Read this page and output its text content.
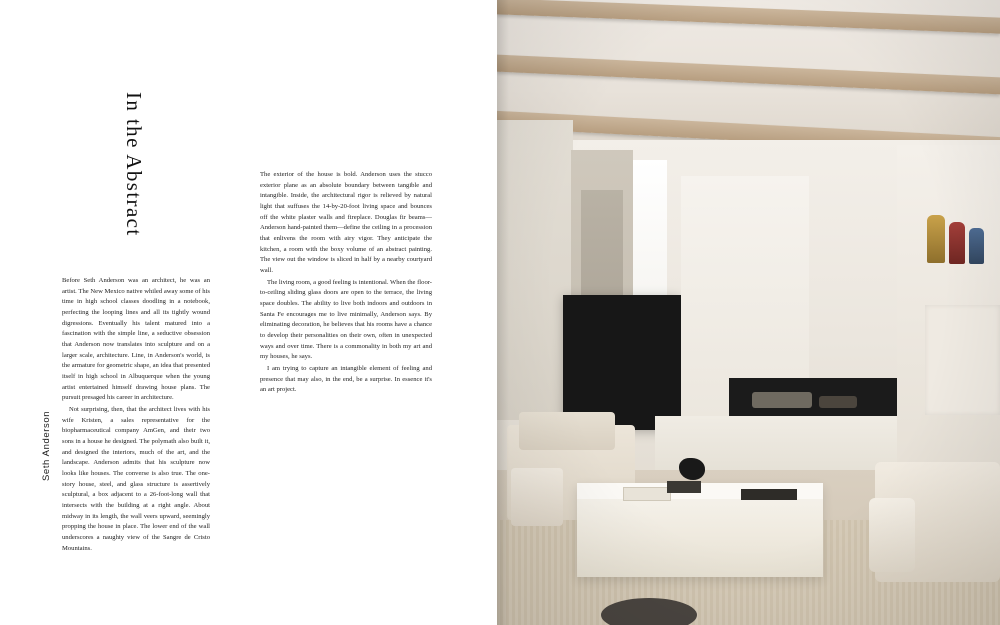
Seth Anderson
In the Abstract

Before Seth Anderson was an architect, he was an artist. The New Mexico native whiled away some of his time in high school classes doodling in a notebook, perfecting the looping lines and all its tightly wound digressions. Eventually his talent matured into a fascination with the simple line, a seductive obsession that Anderson now translates into sculpture and on a larger scale, architecture. Line, in Anderson's world, is the armature for geometric shape, an idea that presented itself in high school in Albuquerque when the young artist entertained himself drawing house plans. The pursuit presaged his career in architecture.

Not surprising, then, that the architect lives with his wife Kristen, a sales representative for the biopharmaceutical company AmGen, and their two sons in a house he designed. The polymath also built it, and designed the interiors, much of the art, and the landscape. Anderson admits that his sculpture now looks like houses. The converse is also true. The one-story house, steel, and glass structure is assertively sculptural, a box adjacent to a 26-foot-long wall that intersects with the building at a right angle. About midway in its length, the wall veers upward, seemingly propping the house in place. The lower end of the wall underscores a naughty view of the Sangre de Cristo Mountains.

The exterior of the house is bold. Anderson uses the stucco exterior plane as an absolute boundary between tangible and intangible. Inside, the architectural rigor is relieved by natural light that suffuses the 14-by-20-foot living space and bounces off the white plaster walls and fireplace. Douglas fir beams—Anderson hand-painted them—define the ceiling in a procession that enlivens the room with airy vigor. They anticipate the kitchen, a room with the boxy volume of an abstract painting. The view out the window is sliced in half by a nearby courtyard wall.

The living room, a good feeling is intentional. When the floor-to-ceiling sliding glass doors are open to the terrace, the living space doubles. The ability to live both indoors and outdoors in Santa Fe encourages me to live minimally, Anderson says. By eliminating decoration, he believes that his rooms have a chance to develop their personalities on their own, often in unexpected ways and over time. There is a commonality in both my art and my houses, he says.

I am trying to capture an intangible element of feeling and presence that may also, in the end, be a surprise. In essence it's an art project.
